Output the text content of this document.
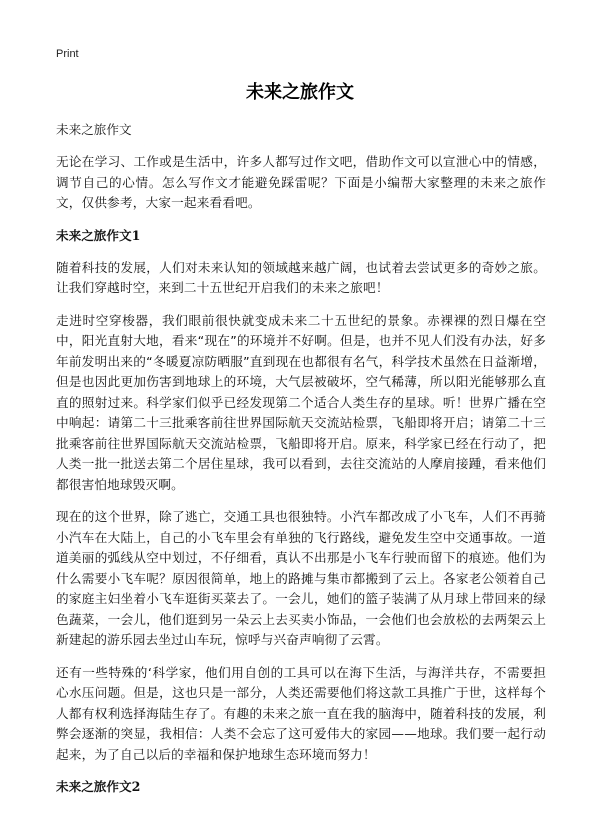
Print
未来之旅作文
未来之旅作文

无论在学习、工作或是生活中，许多人都写过作文吧，借助作文可以宣泄心中的情感，调节自己的心情。怎么写作文才能避免踩雷呢？下面是小编帮大家整理的未来之旅作文，仅供参考，大家一起来看看吧。

未来之旅作文1

随着科技的发展，人们对未来认知的领域越来越广阔，也试着去尝试更多的奇妙之旅。让我们穿越时空，来到二十五世纪开启我们的未来之旅吧！

走进时空穿梭器，我们眼前很快就变成未来二十五世纪的景象。赤裸裸的烈日爆在空中，阳光直射大地，看来“现在”的环境并不好啊。但是，也并不见人们没有办法，好多年前发明出来的“冬暖夏凉防晒服”直到现在也都很有名气，科学技术虽然在日益渐增，但是也因此更加伤害到地球上的环境，大气层被破坏，空气稀薄，所以阳光能够那么直直的照射过来。科学家们似乎已经发现第二个适合人类生存的星球。听！世界广播在空中响起：请第二十三批乘客前往世界国际航天交流站检票，飞船即将开启；请第二十三批乘客前往世界国际航天交流站检票，飞船即将开启。原来，科学家已经在行动了，把人类一批一批送去第二个居住星球，我可以看到，去往交流站的人摩肩接踵，看来他们都很害怕地球毁灭啊。

现在的这个世界，除了逃亡，交通工具也很独特。小汽车都改成了小飞车，人们不再骑小汽车在大陆上，自己的小飞车里会有单独的飞行路线，避免发生空中交通事故。一道道美丽的弧线从空中划过，不仔细看，真认不出那是小飞车行驶而留下的痕迹。他们为什么需要小飞车呢？原因很简单，地上的路摊与集市都搬到了云上。各家老公领着自己的家庭主妇坐着小飞车逛街买菜去了。一会儿，她们的篮子装满了从月球上带回来的绿色蔬菜，一会儿，他们逛到另一朵云上去买卖小饰品，一会他们也会放松的去两架云上新建起的游乐园去坐过山车玩，惊呼与兴奋声响彻了云霄。

还有一些特殊的‘科学家，他们用自创的工具可以在海下生活，与海洋共存，不需要担心水压问题。但是，这也只是一部分，人类还需要他们将这款工具推广于世，这样每个人都有权利选择海陆生存了。有趣的未来之旅一直在我的脑海中，随着科技的发展，利弊会逐渐的突显，我相信：人类不会忘了这可爱伟大的家园——地球。我们要一起行动起来，为了自己以后的幸福和保护地球生态环境而努力！

未来之旅作文2
